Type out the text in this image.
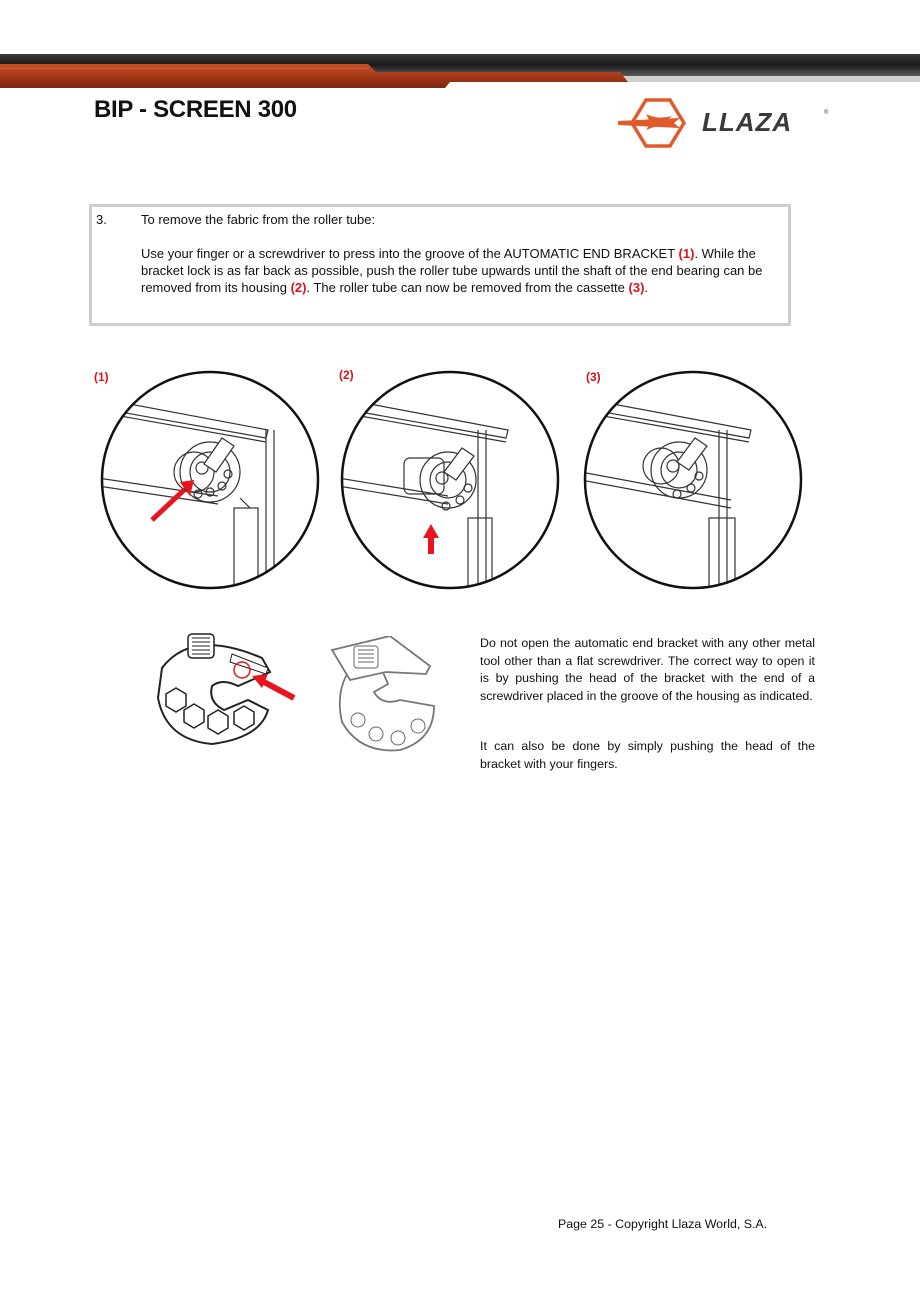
BIP - SCREEN 300	LLAZA	®
3.	To remove the fabric from the roller tube:

Use your finger or a screwdriver to press into the groove of the AUTOMATIC END BRACKET (1). While the bracket lock is as far back as possible, push the roller tube upwards until the shaft of the end bearing can be removed from its housing (2). The roller tube can now be removed from the cassette (3).

(1)	(2)	(3)

Do not open the automatic end bracket with any other metal tool other than a flat screwdriver. The correct way to open it is by pushing the head of the bracket with the end of a screwdriver placed in the groove of the housing as indicated.

It can also be done by simply pushing the head of the bracket with your fingers.

Page 25 - Copyright Llaza World, S.A.
